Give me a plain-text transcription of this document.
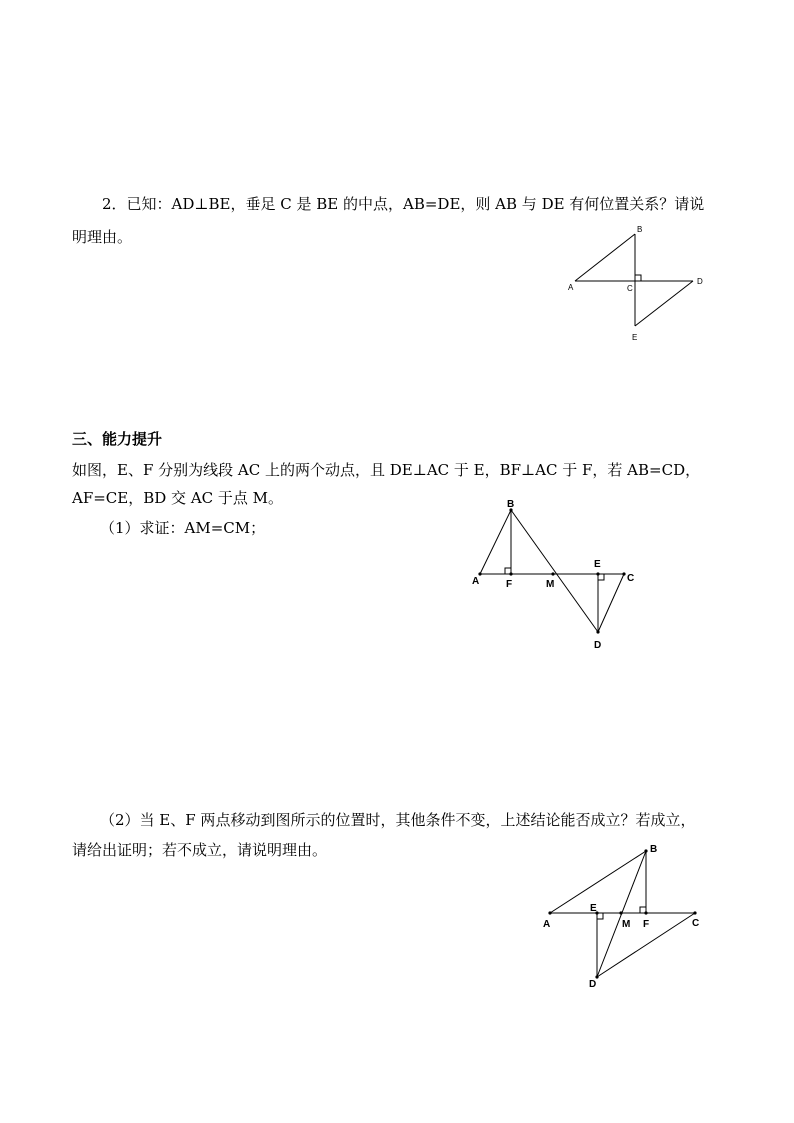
2．已知：AD⊥BE，垂足 C 是 BE 的中点，AB=DE，则 AB 与 DE 有何位置关系？请说
明理由。	B
A	C
D
E
三、能力提升
如图，E、F 分别为线段 AC 上的两个动点，且 DE⊥AC 于 E，BF⊥AC 于 F，若 AB=CD，
AF=CE，BD 交 AC 于点 M。
（1）求证：AM=CM；
B
A	F	M
E
C
D
（2）当 E、F 两点移动到图所示的位置时，其他条件不变，上述结论能否成立？若成立，
请给出证明；若不成立，请说明理由。	B
A
E
M F	C
D
